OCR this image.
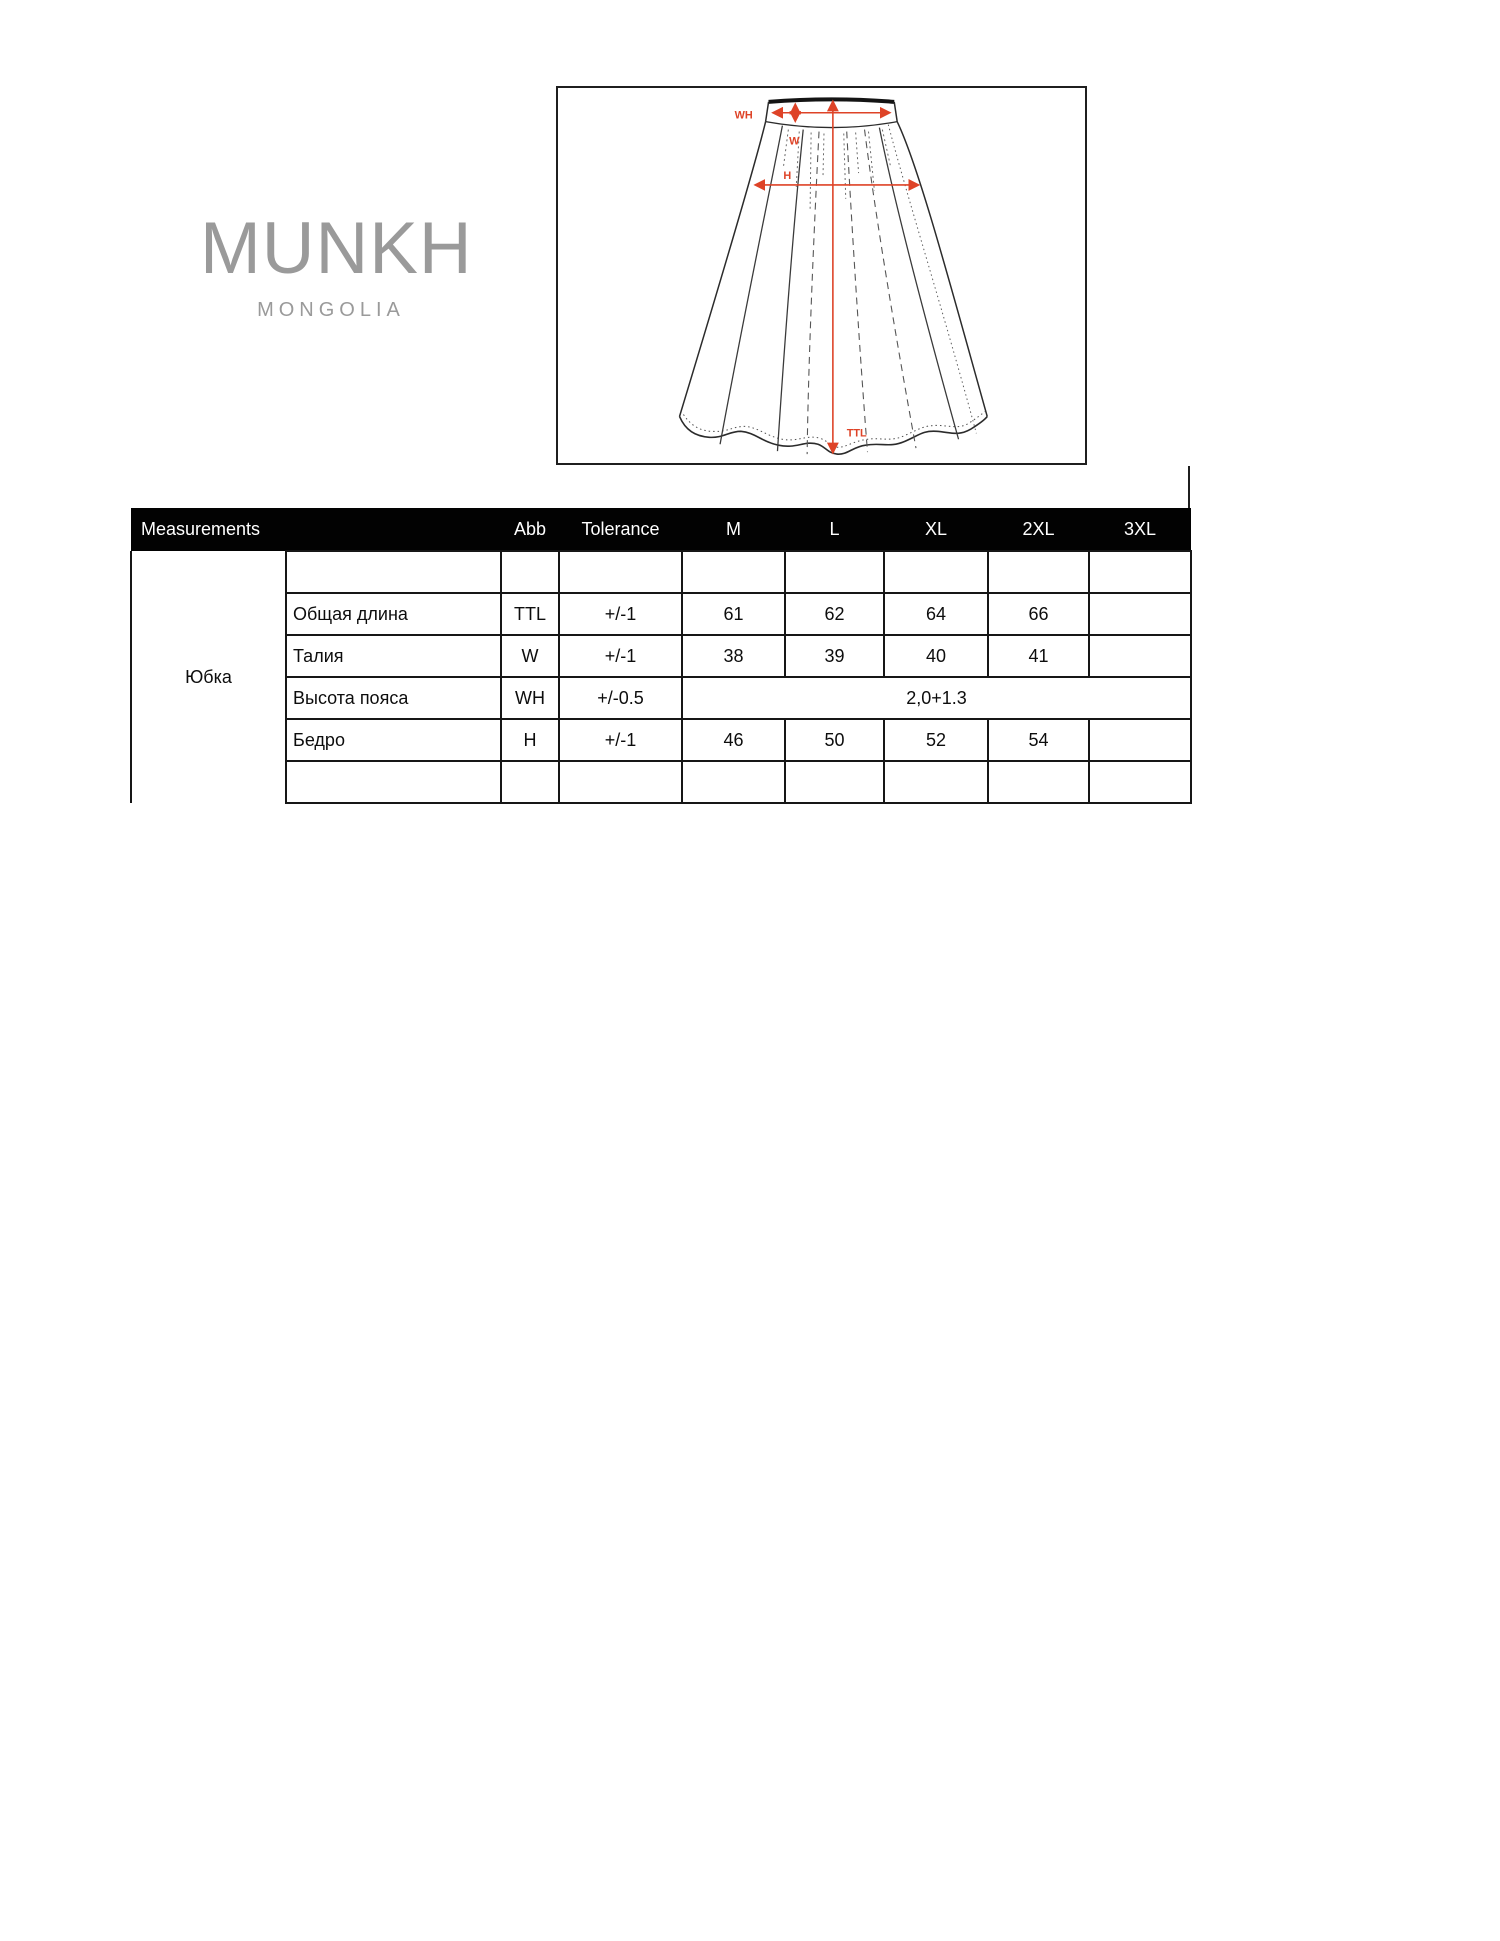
MUNKH
MONGOLIA
WH
W
H
TTL
Measurements		Abb	Tolerance	M	L	XL	2XL	3XL
Юбка								
	Общая длина	TTL	+/-1	61	62	64	66	
	Талия	W	+/-1	38	39	40	41	
	Высота пояса	WH	+/-0.5	2,0+1.3				
	Бедро	H	+/-1	46	50	52	54	
